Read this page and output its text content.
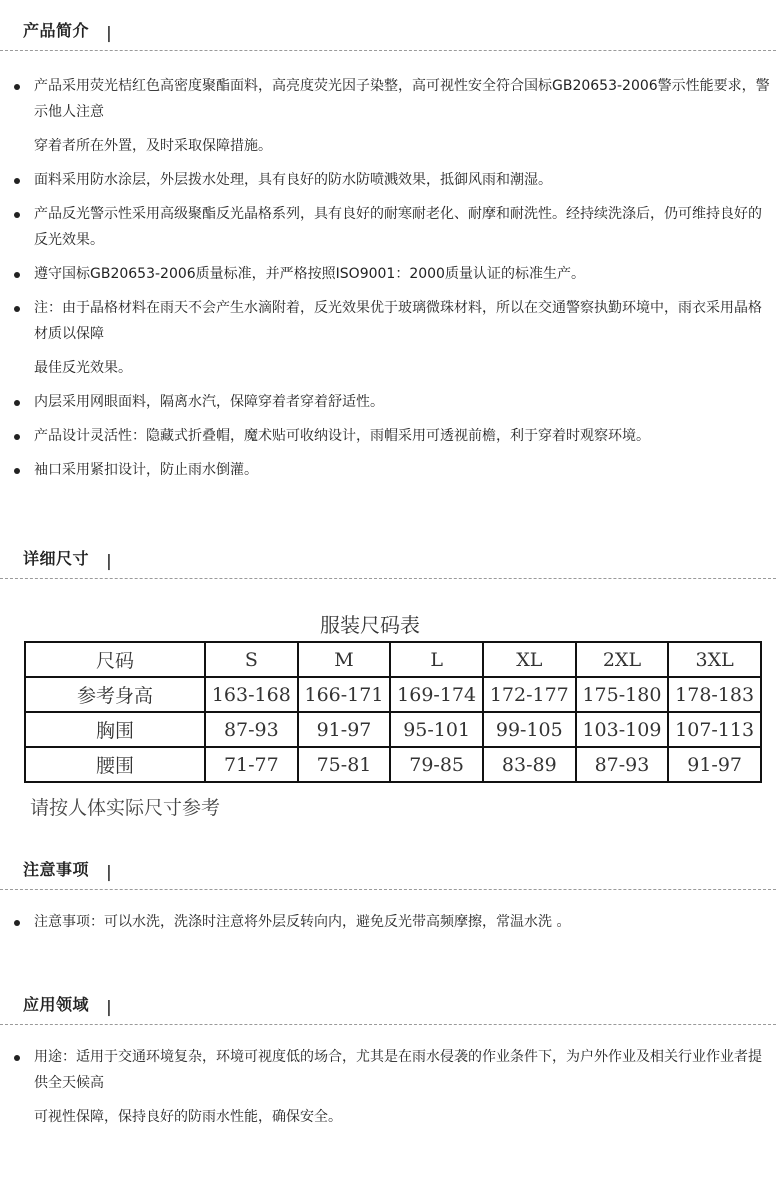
产品简介 |
产品采用荧光桔红色高密度聚酯面料，高亮度荧光因子染整，高可视性安全符合国标GB20653-2006警示性能要求，警示他人注意
穿着者所在外置，及时采取保障措施。
面料采用防水涂层，外层拨水处理，具有良好的防水防喷溅效果，抵御风雨和潮湿。
产品反光警示性采用高级聚酯反光晶格系列，具有良好的耐寒耐老化、耐摩和耐洗性。经持续洗涤后，仍可维持良好的反光效果。
遵守国标GB20653-2006质量标准，并严格按照ISO9001：2000质量认证的标准生产。
注：由于晶格材料在雨天不会产生水滴附着，反光效果优于玻璃微珠材料，所以在交通警察执勤环境中，雨衣采用晶格材质以保障
最佳反光效果。
内层采用网眼面料，隔离水汽，保障穿着者穿着舒适性。
产品设计灵活性：隐藏式折叠帽，魔术贴可收纳设计，雨帽采用可透视前檐，利于穿着时观察环境。
袖口采用紧扣设计，防止雨水倒灌。
详细尺寸 |
服装尺码表
尺码	S	M	L	XL	2XL	3XL
参考身高	163-168	166-171	169-174	172-177	175-180	178-183
胸围	87-93	91-97	95-101	99-105	103-109	107-113
腰围	71-77	75-81	79-85	83-89	87-93	91-97
请按人体实际尺寸参考
注意事项 |
注意事项：可以水洗，洗涤时注意将外层反转向内，避免反光带高频摩擦，常温水洗 。
应用领域 |
用途：适用于交通环境复杂，环境可视度低的场合，尤其是在雨水侵袭的作业条件下，为户外作业及相关行业作业者提供全天候高
可视性保障，保持良好的防雨水性能，确保安全。
